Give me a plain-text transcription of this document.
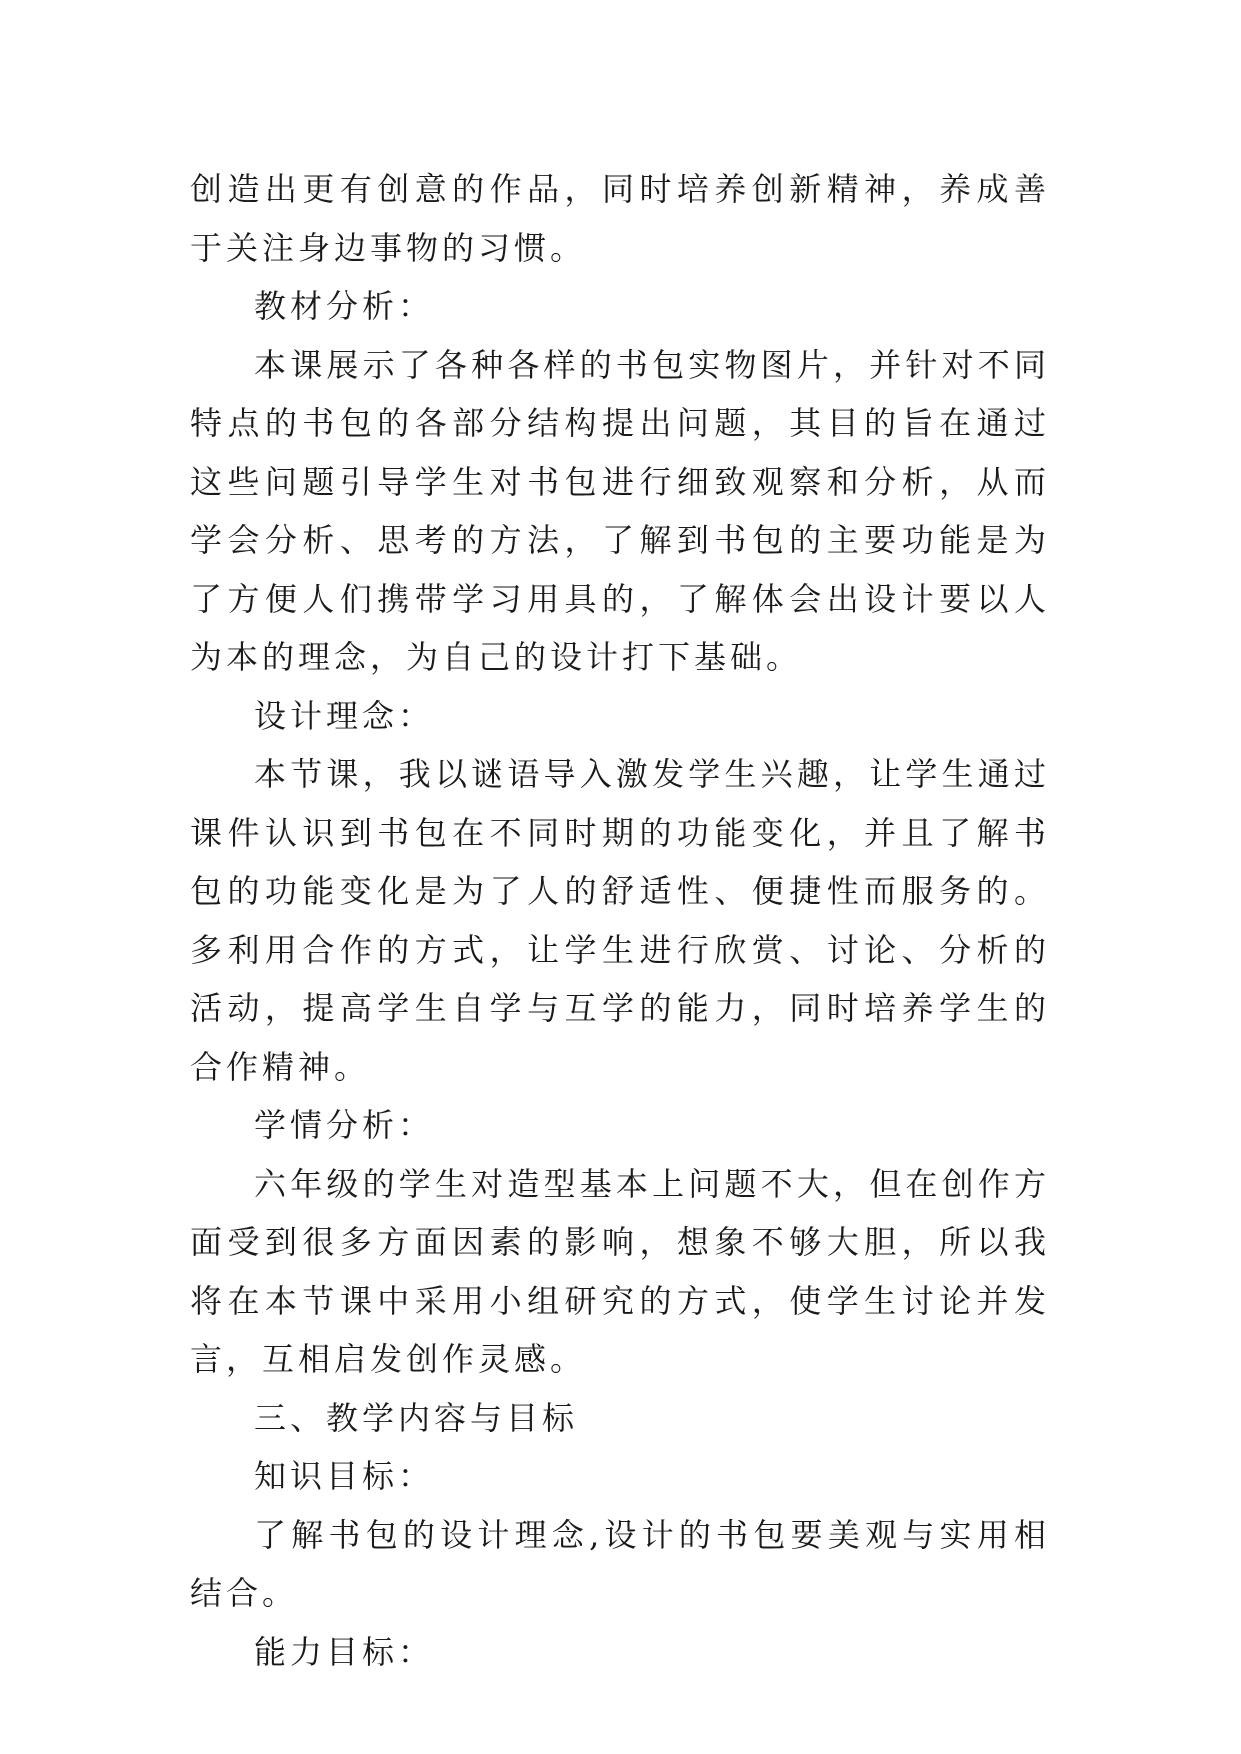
创造出更有创意的作品，同时培养创新精神，养成善于关注身边事物的习惯。

教材分析：

本课展示了各种各样的书包实物图片，并针对不同特点的书包的各部分结构提出问题，其目的旨在通过这些问题引导学生对书包进行细致观察和分析，从而学会分析、思考的方法，了解到书包的主要功能是为了方便人们携带学习用具的，了解体会出设计要以人为本的理念，为自己的设计打下基础。

设计理念：

本节课，我以谜语导入激发学生兴趣，让学生通过课件认识到书包在不同时期的功能变化，并且了解书包的功能变化是为了人的舒适性、便捷性而服务的。多利用合作的方式，让学生进行欣赏、讨论、分析的活动，提高学生自学与互学的能力，同时培养学生的合作精神。

学情分析：

六年级的学生对造型基本上问题不大，但在创作方面受到很多方面因素的影响，想象不够大胆，所以我将在本节课中采用小组研究的方式，使学生讨论并发言，互相启发创作灵感。

三、教学内容与目标

知识目标：

了解书包的设计理念,设计的书包要美观与实用相结合。

能力目标：
